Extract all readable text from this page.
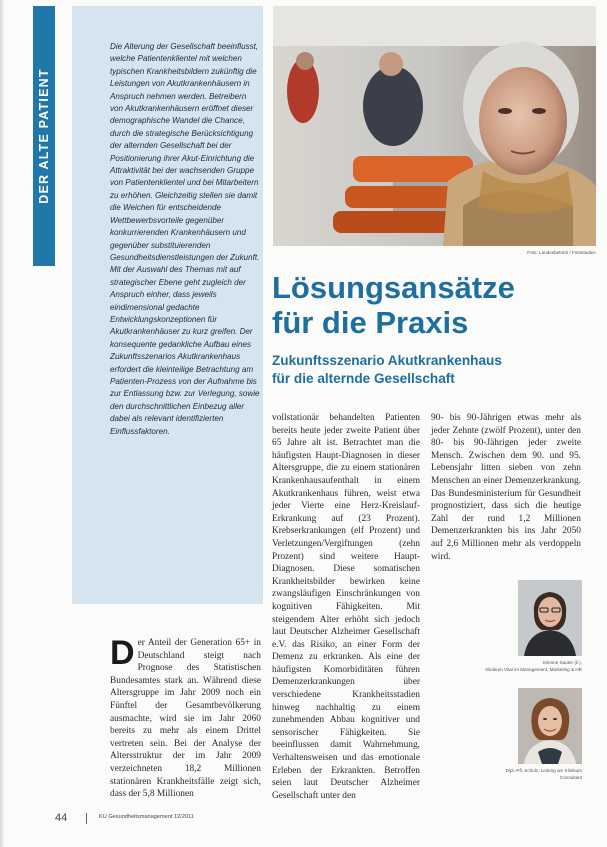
DER ALTE PATIENT
Die Alterung der Gesellschaft beeinflusst, welche Patientenklientel mit welchen typischen Krankheitsbildern zukünftig die Leistungen von Akutkrankenhäusern in Anspruch nehmen werden. Betreibern von Akutkrankenhäusern eröffnet dieser demographische Wandel die Chance, durch die strategische Berücksichtigung der alternden Gesellschaft bei der Positionierung ihrer Akut-Einrichtung die Attraktivität bei der wachsenden Gruppe von Patientenklientel und bei Mitarbeitern zu erhöhen. Gleichzeitig stellen sie damit die Weichen für entscheidende Wettbewerbsvorteile gegenüber konkurrierenden Krankenhäusern und gegenüber substituierenden Gesundheitsdienstleistungen der Zukunft. Mit der Auswahl des Themas mit auf strategischer Ebene geht zugleich der Anspruch einher, dass jeweils eindimensional gedachte Entwicklungskonzeptionen für Akutkrankenhäuser zu kurz greifen. Der konsequente gedankliche Aufbau eines Zukunftsszenarios Akutkrankenhaus erfordert die kleinteilige Betrachtung am Patienten-Prozess von der Aufnahme bis zur Entlassung bzw. zur Verlegung, sowie den durchschnittlichen Einbezug aller dabei als relevant identifizierten Einflussfaktoren.
Foto: Landesbetrieb / Fotostudien
Lösungsansätze
für die Praxis
Zukunftsszenario Akutkrankenhaus
für die alternde Gesellschaft
D er Anteil der Generation 65+ in Deutschland steigt nach Prognose des Statistischen Bundesamtes stark an. Während diese Altersgruppe im Jahr 2009 noch ein Fünftel der Gesamtbevölkerung ausmachte, wird sie im Jahr 2060 bereits zu mehr als einem Drittel vertreten sein. Bei der Analyse der Altersstruktur der im Jahr 2009 verzeichneten 18,2 Millionen stationären Krankheitsfälle zeigt sich, dass der 5,8 Millionen
vollstationär behandelten Patienten bereits heute jeder zweite Patient über 65 Jahre alt ist. Betrachtet man die häufigsten Haupt-Diagnosen in dieser Altersgruppe, die zu einem stationären Krankenhausaufenthalt in einem Akutkrankenhaus führen, weist etwa jeder Vierte eine Herz-Kreislauf-Erkrankung auf (23 Prozent). Krebserkrankungen (elf Prozent) und Verletzungen/Vergiftungen (zehn Prozent) sind weitere Haupt-Diagnosen. Diese somatischen Krankheitsbilder bewirken keine zwangsläufigen Einschränkungen von kognitiven Fähigkeiten. Mit steigendem Alter erhöht sich jedoch laut Deutscher Alzheimer Gesellschaft e.V. das Risiko, an einer Form der Demenz zu erkranken. Als eine der häufigsten Komorbiditäten führen Demenzerkrankungen über verschiedene Krankheitsstadien hinweg nachhaltig zu einem zunehmenden Abbau kognitiver und sensorischer Fähigkeiten. Sie beeinflussen damit Wahrnehmung, Verhaltensweisen und das emotionale Erleben der Erkrankten. Betroffen seien laut Deutscher Alzheimer Gesellschaft unter den
90- bis 90-Jährigen etwas mehr als jeder Zehnte (zwölf Prozent), unter den 80- bis 90-Jährigen jeder zweite Mensch. Zwischen dem 90. und 95. Lebensjahr litten sieben von zehn Menschen an einer Demenzerkrankung. Das Bundesministerium für Gesundheit prognostiziert, dass sich die heutige Zahl der rund 1,2 Millionen Demenzerkrankten bis ins Jahr 2050 auf 2,6 Millionen mehr als verdoppeln wird.
Simone Sauter (li.),
Klinikum Vital im Management, Marketing & HR
Dipl.-Pfl. Schulz, Leitung am Klinikum
Consultant
44	KU Gesundheitsmanagement 12/2011
